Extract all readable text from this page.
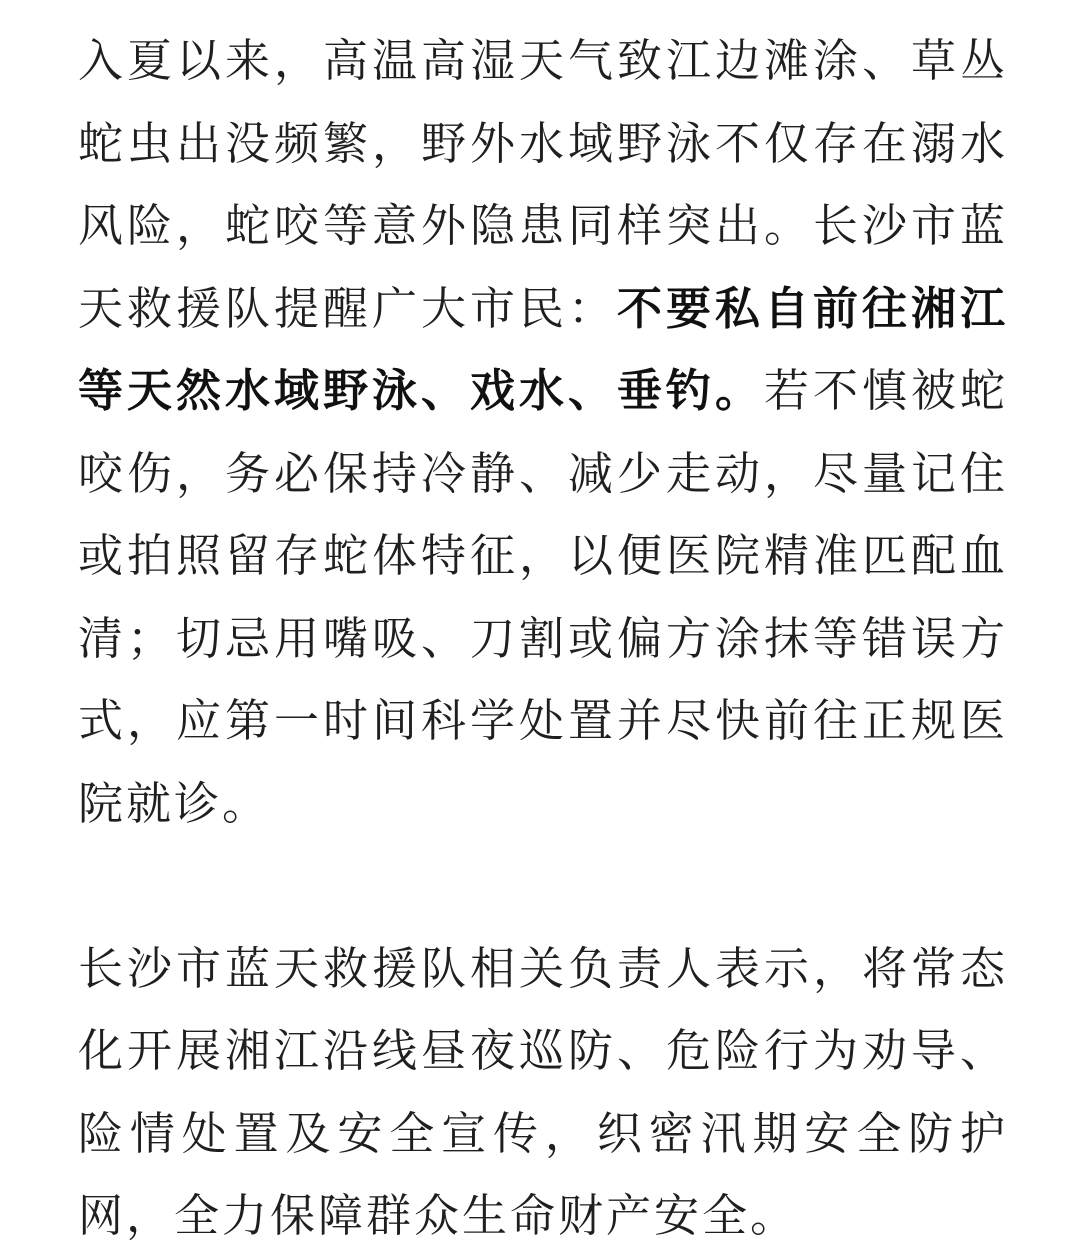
入夏以来，高温高湿天气致江边滩涂、草丛
蛇虫出没频繁，野外水域野泳不仅存在溺水
风险，蛇咬等意外隐患同样突出。长沙市蓝
天救援队提醒广大市民：不要私自前往湘江
等天然水域野泳、戏水、垂钓。若不慎被蛇
咬伤，务必保持冷静、减少走动，尽量记住
或拍照留存蛇体特征，以便医院精准匹配血
清；切忌用嘴吸、刀割或偏方涂抹等错误方
式，应第一时间科学处置并尽快前往正规医
院就诊。

长沙市蓝天救援队相关负责人表示，将常态
化开展湘江沿线昼夜巡防、危险行为劝导、
险情处置及安全宣传，织密汛期安全防护
网，全力保障群众生命财产安全。
